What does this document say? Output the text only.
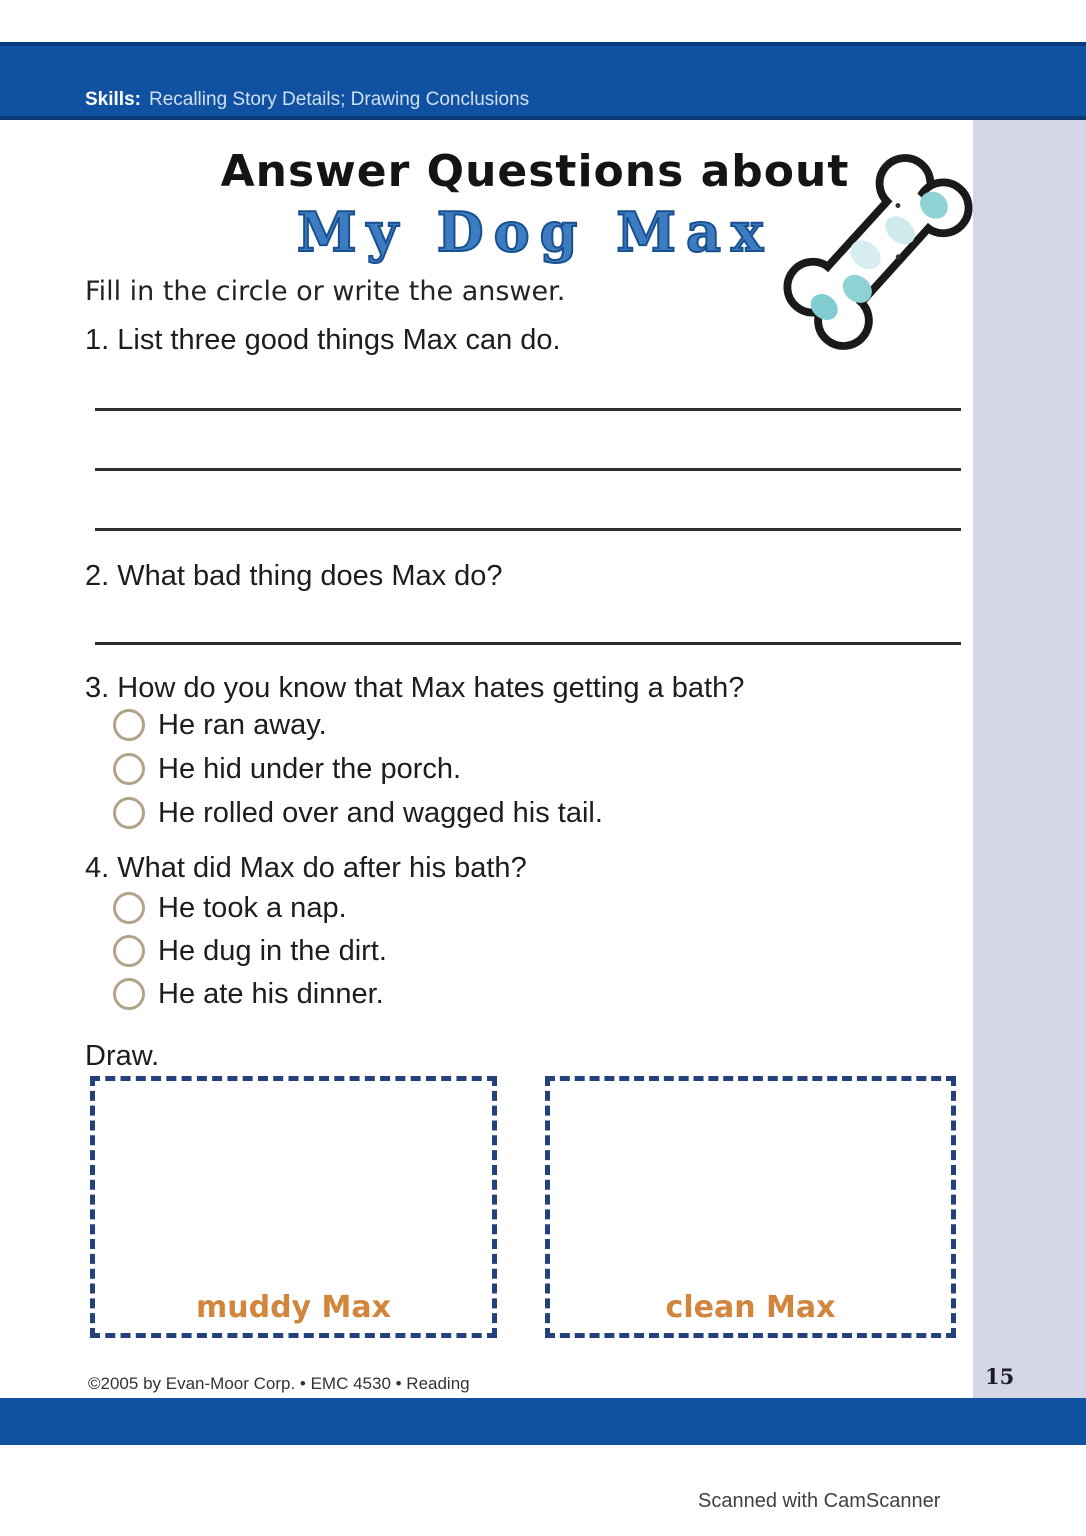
Skills: Recalling Story Details; Drawing Conclusions
15
Answer Questions about
My Dog Max
Fill in the circle or write the answer.
1. List three good things Max can do.
2. What bad thing does Max do?
3. How do you know that Max hates getting a bath?
He ran away.
He hid under the porch.
He rolled over and wagged his tail.
4. What did Max do after his bath?
He took a nap.
He dug in the dirt.
He ate his dinner.
Draw.
muddy Max	clean Max
©2005 by Evan-Moor Corp. • EMC 4530 • Reading
Scanned with CamScanner
